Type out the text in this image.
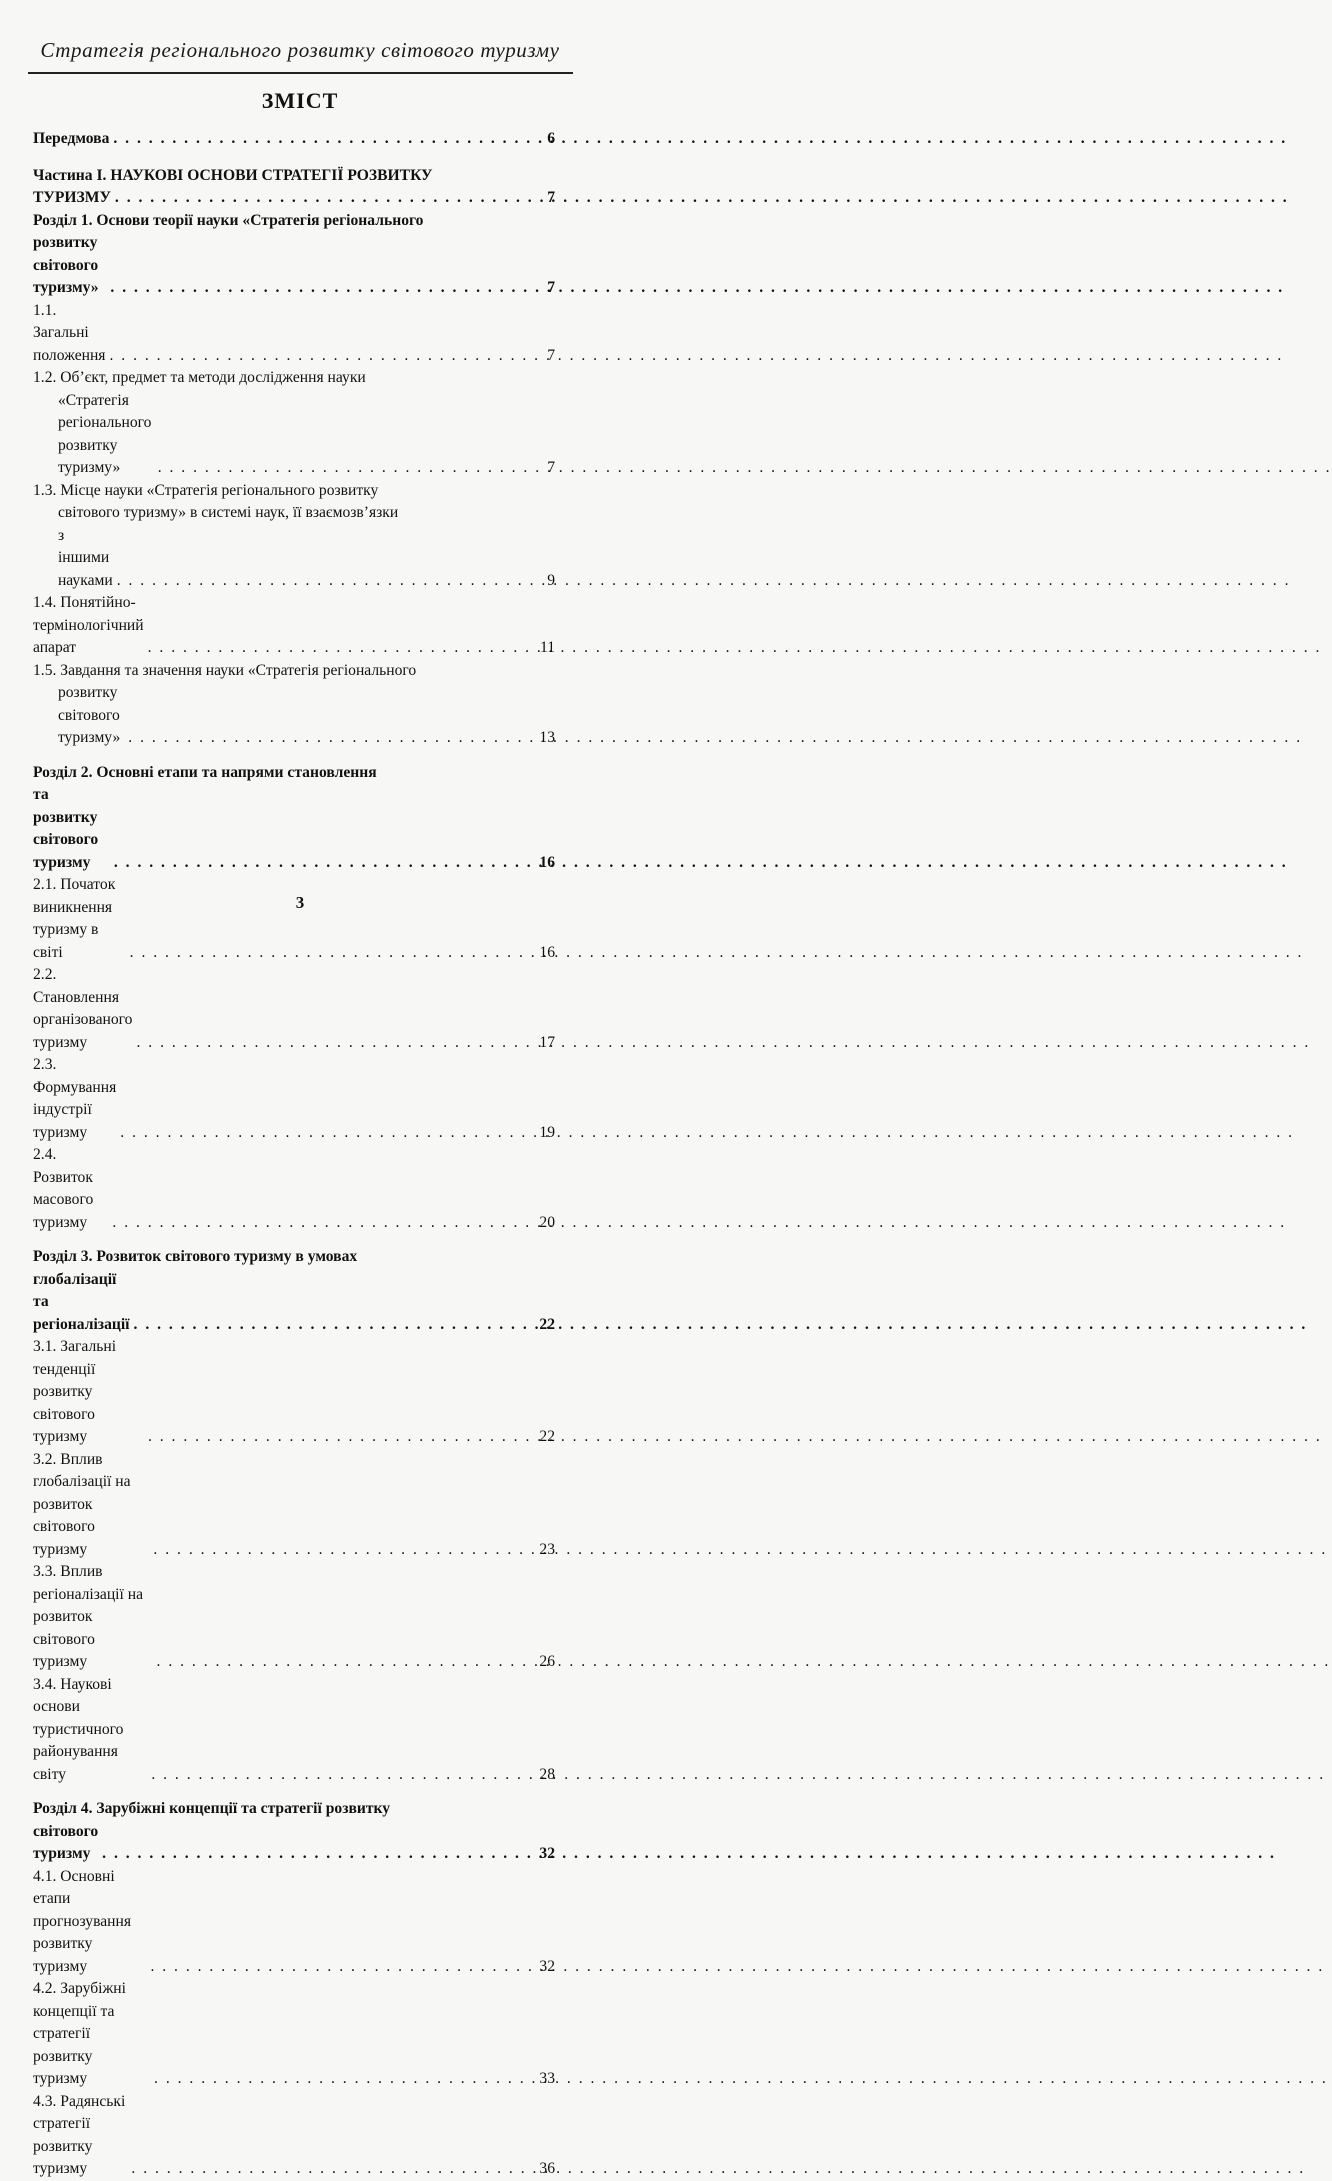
Стратегія регіонального розвитку світового туризму
ЗМІСТ
Передмова . . .	6
Частина I. НАУКОВІ ОСНОВИ СТРАТЕГІЇ РОЗВИТКУ
ТУРИЗМУ . . .	7
Розділ 1. Основи теорії науки «Стратегія регіонального
розвитку світового туризму» . . .	7
1.1. Загальні положення . . .	7
1.2. Об’єкт, предмет та методи дослідження науки
«Стратегія регіонального розвитку туризму» . . .	7
1.3. Місце науки «Стратегія регіонального розвитку
світового туризму» в системі наук, її взаємозв’язки
з іншими науками . . .	9
1.4. Понятійно-термінологічний апарат . . .	11
1.5. Завдання та значення науки «Стратегія регіонального
розвитку світового туризму» . . .	13
Розділ 2. Основні етапи та напрями становлення
та розвитку світового туризму . . .	16
2.1. Початок виникнення туризму в світі . . .	16
2.2. Становлення організованого туризму . . .	17
2.3. Формування індустрії туризму . . .	19
2.4. Розвиток масового туризму . . .	20
Розділ 3. Розвиток світового туризму в умовах
глобалізації та регіоналізації . . .	22
3.1. Загальні тенденції розвитку світового туризму . . .	22
3.2. Вплив глобалізації на розвиток світового туризму . . .	23
3.3. Вплив регіоналізації на розвиток світового туризму . . .	26
3.4. Наукові основи туристичного районування світу . . .	28
Розділ 4. Зарубіжні концепції та стратегії розвитку
світового туризму . . .	32
4.1. Основні етапи прогнозування розвитку туризму . . .	32
4.2. Зарубіжні концепції та стратегії розвитку туризму . . .	33
4.3. Радянські стратегії розвитку туризму . . .	36
3
